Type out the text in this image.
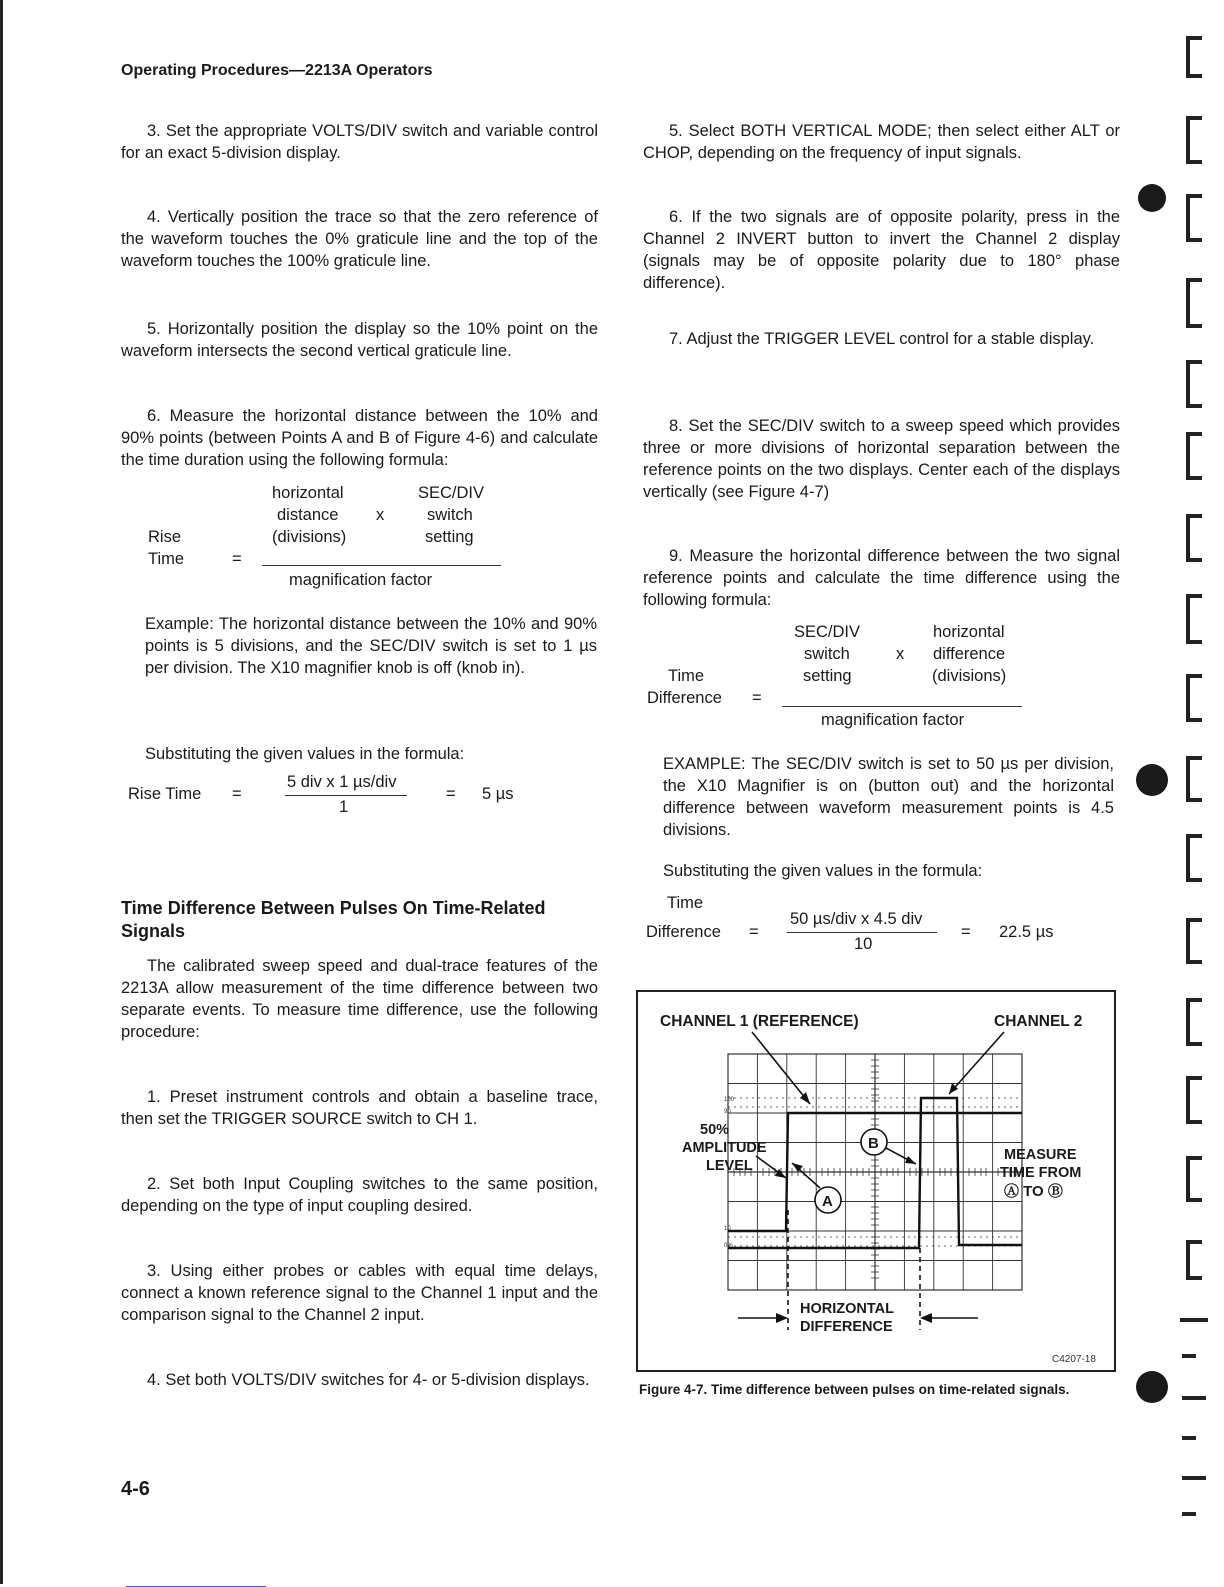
Operating Procedures—2213A Operators
3. Set the appropriate VOLTS/DIV switch and variable control for an exact 5-division display.
4. Vertically position the trace so that the zero reference of the waveform touches the 0% graticule line and the top of the waveform touches the 100% graticule line.
5. Horizontally position the display so the 10% point on the waveform intersects the second vertical graticule line.
6. Measure the horizontal distance between the 10% and 90% points (between Points A and B of Figure 4-6) and calculate the time duration using the following formula:
horizontal
distance
(divisions)
x
SEC/DIV
switch
setting
Rise
Time	=
magnification factor
Example: The horizontal distance between the 10% and 90% points is 5 divisions, and the SEC/DIV switch is set to 1 µs per division. The X10 magnifier knob is off (knob in).
Substituting the given values in the formula:
Rise Time =
5 div x 1 µs/div
1
= 5 µs
Time Difference Between Pulses On Time-Related Signals
The calibrated sweep speed and dual-trace features of the 2213A allow measurement of the time difference between two separate events. To measure time difference, use the following procedure:
1. Preset instrument controls and obtain a baseline trace, then set the TRIGGER SOURCE switch to CH 1.
2. Set both Input Coupling switches to the same position, depending on the type of input coupling desired.
3. Using either probes or cables with equal time delays, connect a known reference signal to the Channel 1 input and the comparison signal to the Channel 2 input.
4. Set both VOLTS/DIV switches for 4- or 5-division displays.
4-6
5. Select BOTH VERTICAL MODE; then select either ALT or CHOP, depending on the frequency of input signals.
6. If the two signals are of opposite polarity, press in the Channel 2 INVERT button to invert the Channel 2 display (signals may be of opposite polarity due to 180° phase difference).
7. Adjust the TRIGGER LEVEL control for a stable display.
8. Set the SEC/DIV switch to a sweep speed which provides three or more divisions of horizontal separation between the reference points on the two displays. Center each of the displays vertically (see Figure 4-7)
9. Measure the horizontal difference between the two signal reference points and calculate the time difference using the following formula:
SEC/DIV
switch
setting
x
horizontal
difference
(divisions)
Time
Difference =
magnification factor
EXAMPLE: The SEC/DIV switch is set to 50 µs per division, the X10 Magnifier is on (button out) and the horizontal difference between waveform measurement points is 4.5 divisions.
Substituting the given values in the formula:
Time
Difference =
50 µs/div x 4.5 div
10
= 22.5 µs
CHANNEL 1 (REFERENCE)	CHANNEL 2
50%
AMPLITUDE
LEVEL
MEASURE
TIME FROM
Ⓐ TO Ⓑ
A
B
100
90
10
0%
HORIZONTAL
DIFFERENCE
C4207-18
Figure 4-7. Time difference between pulses on time-related signals.
